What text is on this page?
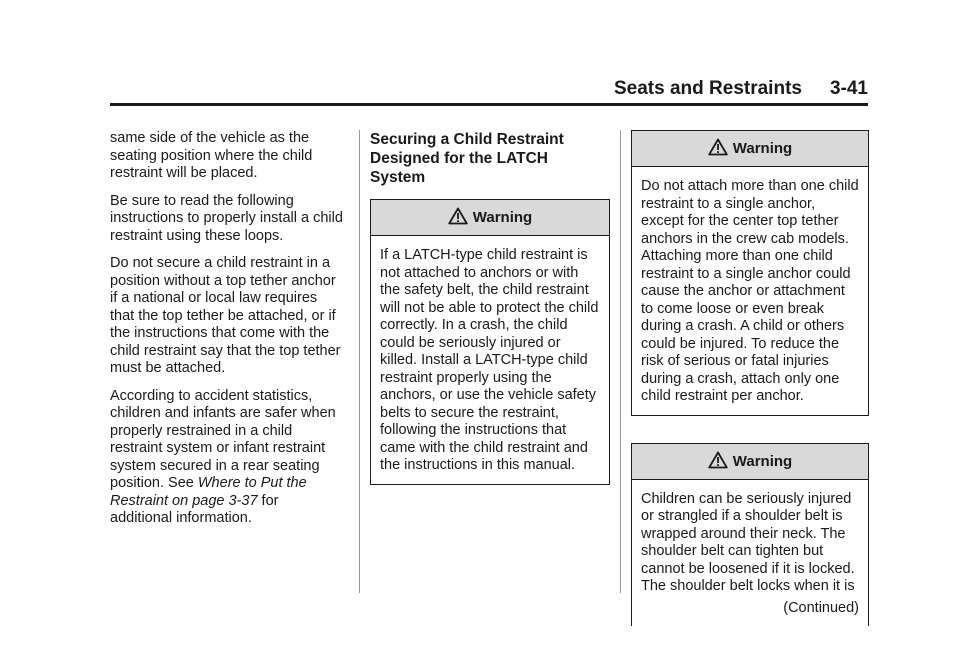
Seats and Restraints 3-41

same side of the vehicle as the
seating position where the child
restraint will be placed.

Be sure to read the following
instructions to properly install a child
restraint using these loops.

Do not secure a child restraint in a
position without a top tether anchor
if a national or local law requires
that the top tether be attached, or if
the instructions that come with the
child restraint say that the top tether
must be attached.

According to accident statistics,
children and infants are safer when
properly restrained in a child
restraint system or infant restraint
system secured in a rear seating
position. See Where to Put the
Restraint on page 3-37 for
additional information.

Securing a Child Restraint
Designed for the LATCH
System
Warning
If a LATCH-type child restraint is
not attached to anchors or with
the safety belt, the child restraint
will not be able to protect the child
correctly. In a crash, the child
could be seriously injured or
killed. Install a LATCH-type child
restraint properly using the
anchors, or use the vehicle safety
belts to secure the restraint,
following the instructions that
came with the child restraint and
the instructions in this manual.
Warning
Do not attach more than one child
restraint to a single anchor,
except for the center top tether
anchors in the crew cab models.
Attaching more than one child
restraint to a single anchor could
cause the anchor or attachment
to come loose or even break
during a crash. A child or others
could be injured. To reduce the
risk of serious or fatal injuries
during a crash, attach only one
child restraint per anchor.
Warning
Children can be seriously injured
or strangled if a shoulder belt is
wrapped around their neck. The
shoulder belt can tighten but
cannot be loosened if it is locked.
The shoulder belt locks when it is
(Continued)
